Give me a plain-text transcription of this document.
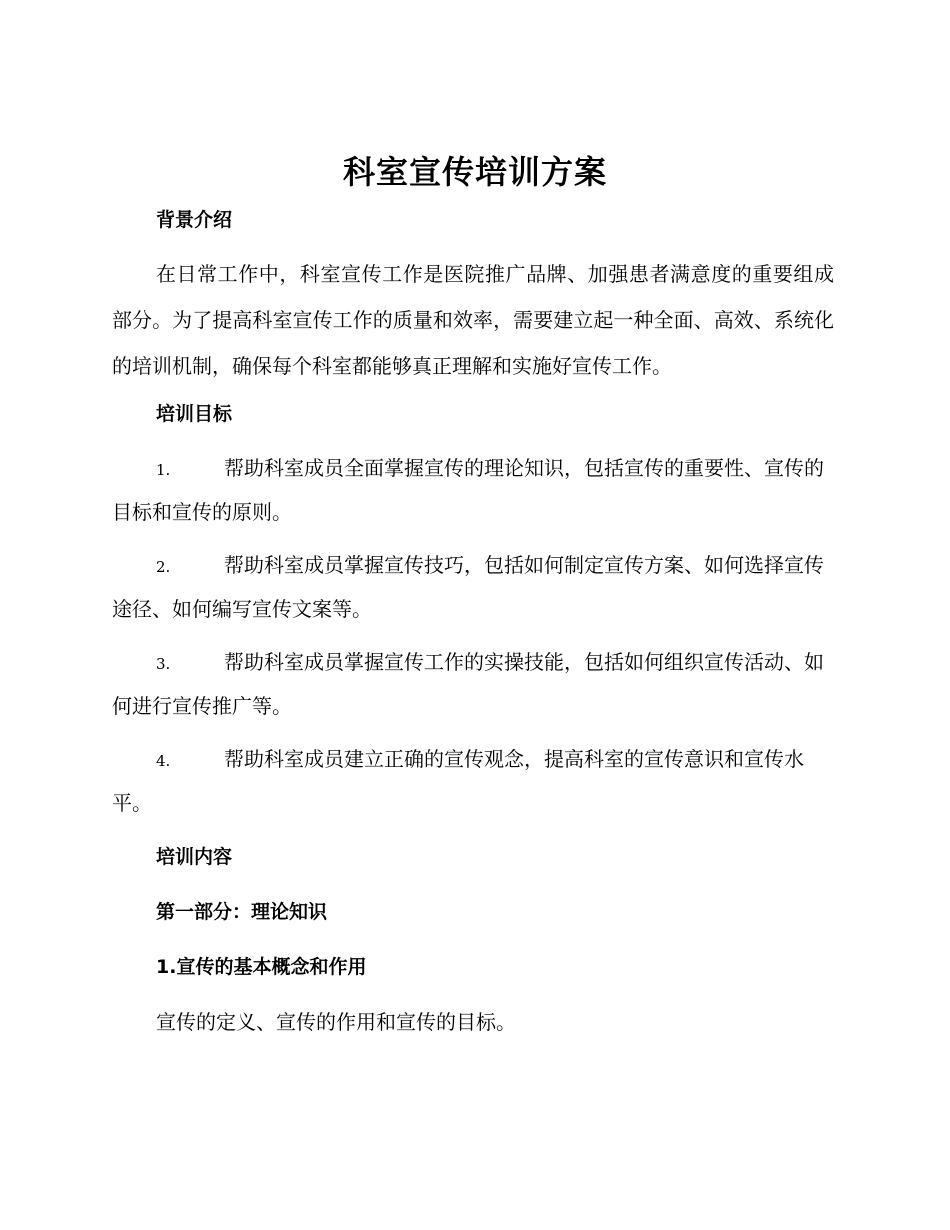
科室宣传培训方案
背景介绍

在日常工作中，科室宣传工作是医院推广品牌、加强患者满意度的重要组成部分。为了提高科室宣传工作的质量和效率，需要建立起一种全面、高效、系统化的培训机制，确保每个科室都能够真正理解和实施好宣传工作。

培训目标

1.	帮助科室成员全面掌握宣传的理论知识，包括宣传的重要性、宣传的目标和宣传的原则。

2.	帮助科室成员掌握宣传技巧，包括如何制定宣传方案、如何选择宣传途径、如何编写宣传文案等。

3.	帮助科室成员掌握宣传工作的实操技能，包括如何组织宣传活动、如何进行宣传推广等。

4.	帮助科室成员建立正确的宣传观念，提高科室的宣传意识和宣传水平。

培训内容
第一部分：理论知识
1.宣传的基本概念和作用
宣传的定义、宣传的作用和宣传的目标。
